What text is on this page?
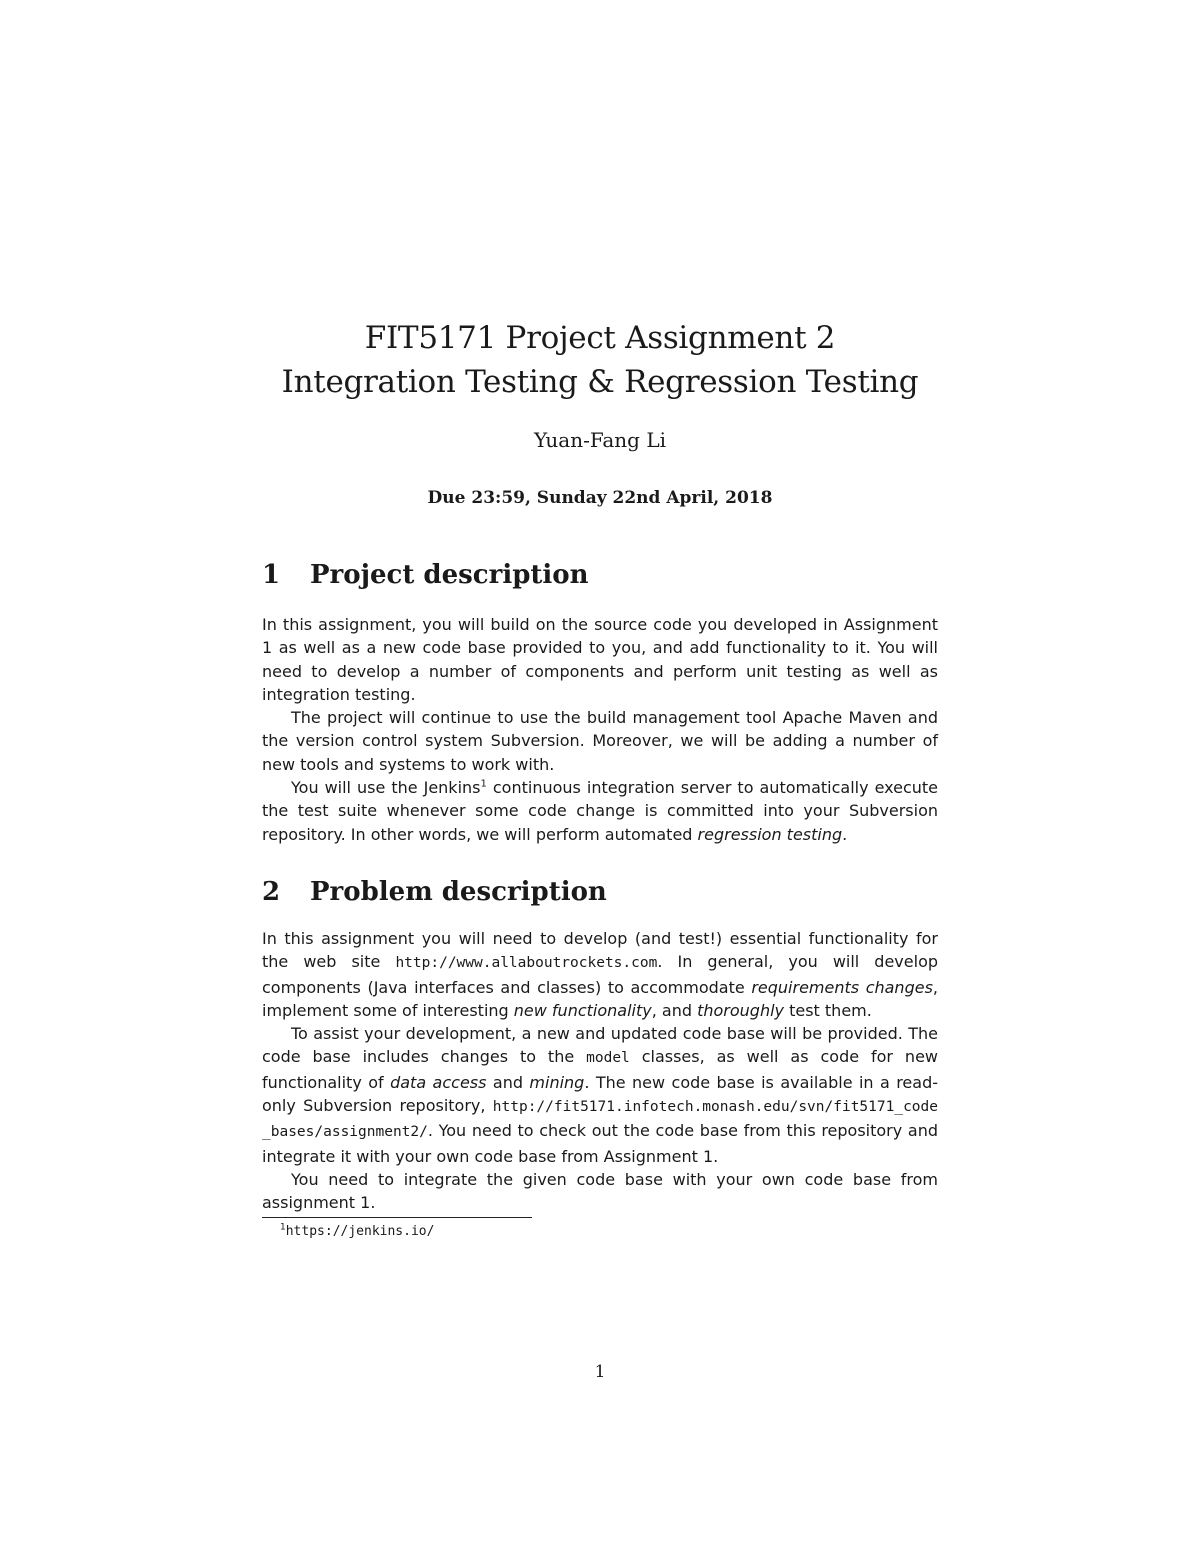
FIT5171 Project Assignment 2
Integration Testing & Regression Testing
Yuan-Fang Li
Due 23:59, Sunday 22nd April, 2018
1	Project description

In this assignment, you will build on the source code you developed in Assignment 1 as well as a new code base provided to you, and add functionality to it. You will need to develop a number of components and perform unit testing as well as integration testing.

The project will continue to use the build management tool Apache Maven and the version control system Subversion. Moreover, we will be adding a number of new tools and systems to work with.

You will use the Jenkins$^1$ continuous integration server to automatically execute the test suite whenever some code change is committed into your Subversion repository. In other words, we will perform automated regression testing.

2	Problem description

In this assignment you will need to develop (and test!) essential functionality for the web site http://www.allaboutrockets.com. In general, you will develop components (Java interfaces and classes) to accommodate requirements changes, implement some of interesting new functionality, and thoroughly test them.

To assist your development, a new and updated code base will be provided. The code base includes changes to the model classes, as well as code for new functionality of data access and mining. The new code base is available in a read-only Subversion repository, http://fit5171.infotech.monash.edu/svn/fit5171_code_bases/assignment2/. You need to check out the code base from this repository and integrate it with your own code base from Assignment 1.

You need to integrate the given code base with your own code base from assignment 1.

$^1$https://jenkins.io/
1
